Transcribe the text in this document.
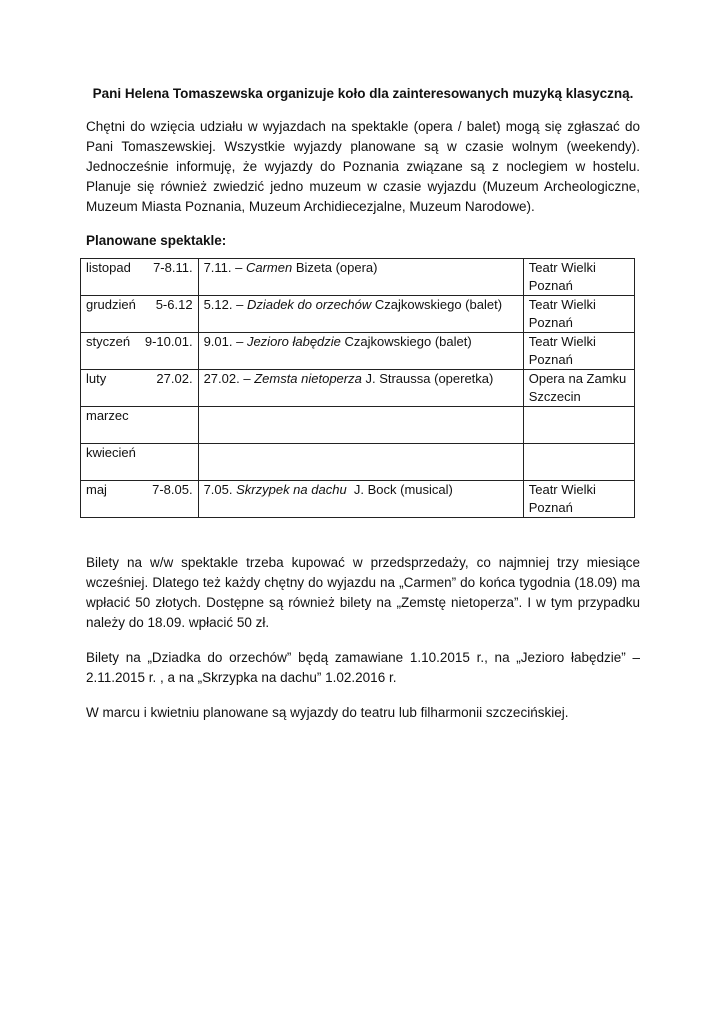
Pani Helena Tomaszewska organizuje koło dla zainteresowanych muzyką klasyczną.

Chętni do wzięcia udziału w wyjazdach na spektakle (opera / balet) mogą się zgłaszać do Pani Tomaszewskiej. Wszystkie wyjazdy planowane są w czasie wolnym (weekendy). Jednocześnie informuję, że wyjazdy do Poznania związane są z noclegiem w hostelu. Planuje się również zwiedzić jedno muzeum w czasie wyjazdu (Muzeum Archeologiczne, Muzeum Miasta Poznania, Muzeum Archidiecezjalne, Muzeum Narodowe).

Planowane spektakle:

listopad 7-8.11.	7.11. – Carmen Bizeta (opera)	Teatr Wielki Poznań

grudzień 5-6.12	5.12. – Dziadek do orzechów Czajkowskiego (balet)	Teatr Wielki Poznań

styczeń 9-10.01.	9.01. – Jezioro łabędzie Czajkowskiego (balet)	Teatr Wielki Poznań

luty 27.02.	27.02. – Zemsta nietoperza J. Straussa (operetka)	Opera na Zamku Szczecin

marzec		

kwiecień		

maj 7-8.05.	7.05. Skrzypek na dachu  J. Bock (musical)	Teatr Wielki Poznań

Bilety na w/w spektakle trzeba kupować w przedsprzedaży, co najmniej trzy miesiące wcześniej. Dlatego też każdy chętny do wyjazdu na „Carmen” do końca tygodnia (18.09) ma wpłacić 50 złotych. Dostępne są również bilety na „Zemstę nietoperza”. I w tym przypadku należy do 18.09. wpłacić 50 zł.

Bilety na „Dziadka do orzechów” będą zamawiane 1.10.2015 r., na „Jezioro łabędzie” – 2.11.2015 r. , a na „Skrzypka na dachu” 1.02.2016 r.

W marcu i kwietniu planowane są wyjazdy do teatru lub filharmonii szczecińskiej.
